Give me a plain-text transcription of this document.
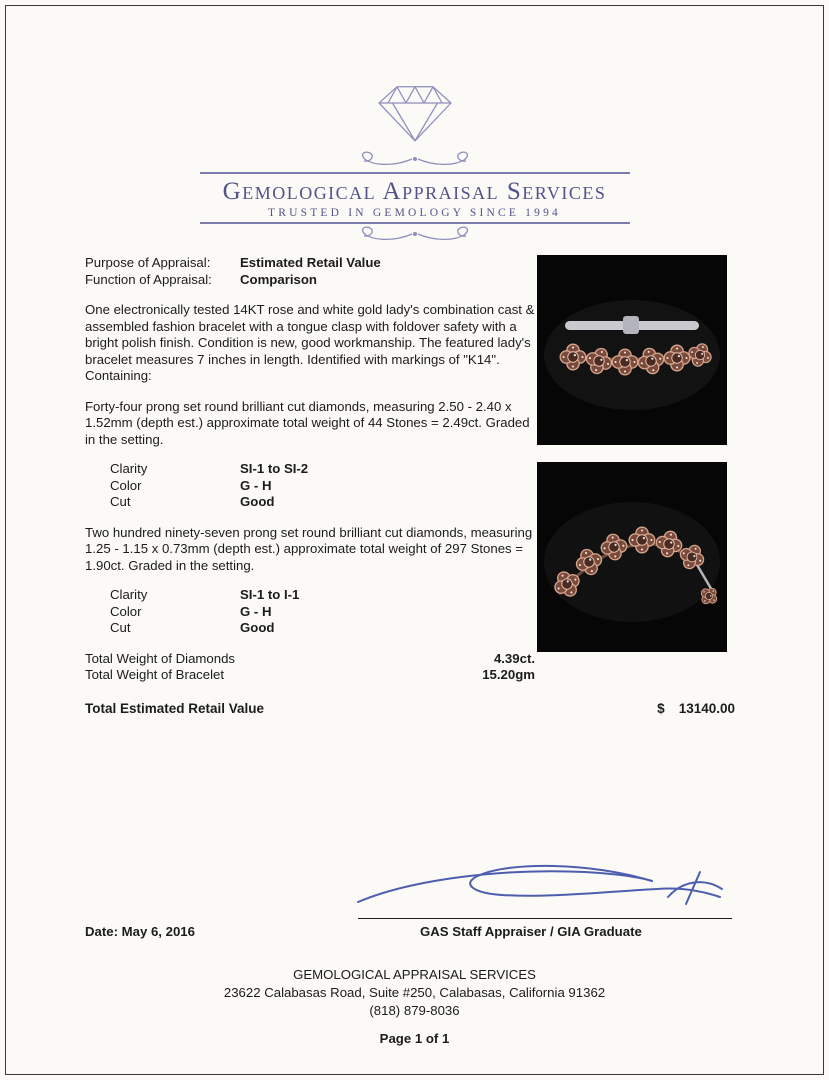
Gemological Appraisal Services
TRUSTED IN GEMOLOGY SINCE 1994
Purpose of Appraisal:	Estimated Retail Value
Function of Appraisal:	Comparison

One electronically tested 14KT rose and white gold lady's combination cast & assembled fashion bracelet with a tongue clasp with foldover safety with a bright polish finish. Condition is new, good workmanship. The featured lady's bracelet measures 7 inches in length. Identified with markings of "K14". Containing:

Forty-four prong set round brilliant cut diamonds, measuring 2.50 - 2.40 x 1.52mm (depth est.) approximate total weight of 44 Stones = 2.49ct. Graded in the setting.

Clarity	SI-1 to SI-2
Color	G - H
Cut	Good

Two hundred ninety-seven prong set round brilliant cut diamonds, measuring 1.25 - 1.15 x 0.73mm (depth est.) approximate total weight of 297 Stones = 1.90ct. Graded in the setting.

Clarity	SI-1 to I-1
Color	G - H
Cut	Good
Total Weight of Diamonds	4.39ct.
Total Weight of Bracelet	15.20gm
Total Estimated Retail Value	$ 13140.00
Date: May 6, 2016	GAS Staff Appraiser / GIA Graduate
GEMOLOGICAL APPRAISAL SERVICES
23622 Calabasas Road, Suite #250, Calabasas, California 91362
(818) 879-8036
Page 1 of 1
